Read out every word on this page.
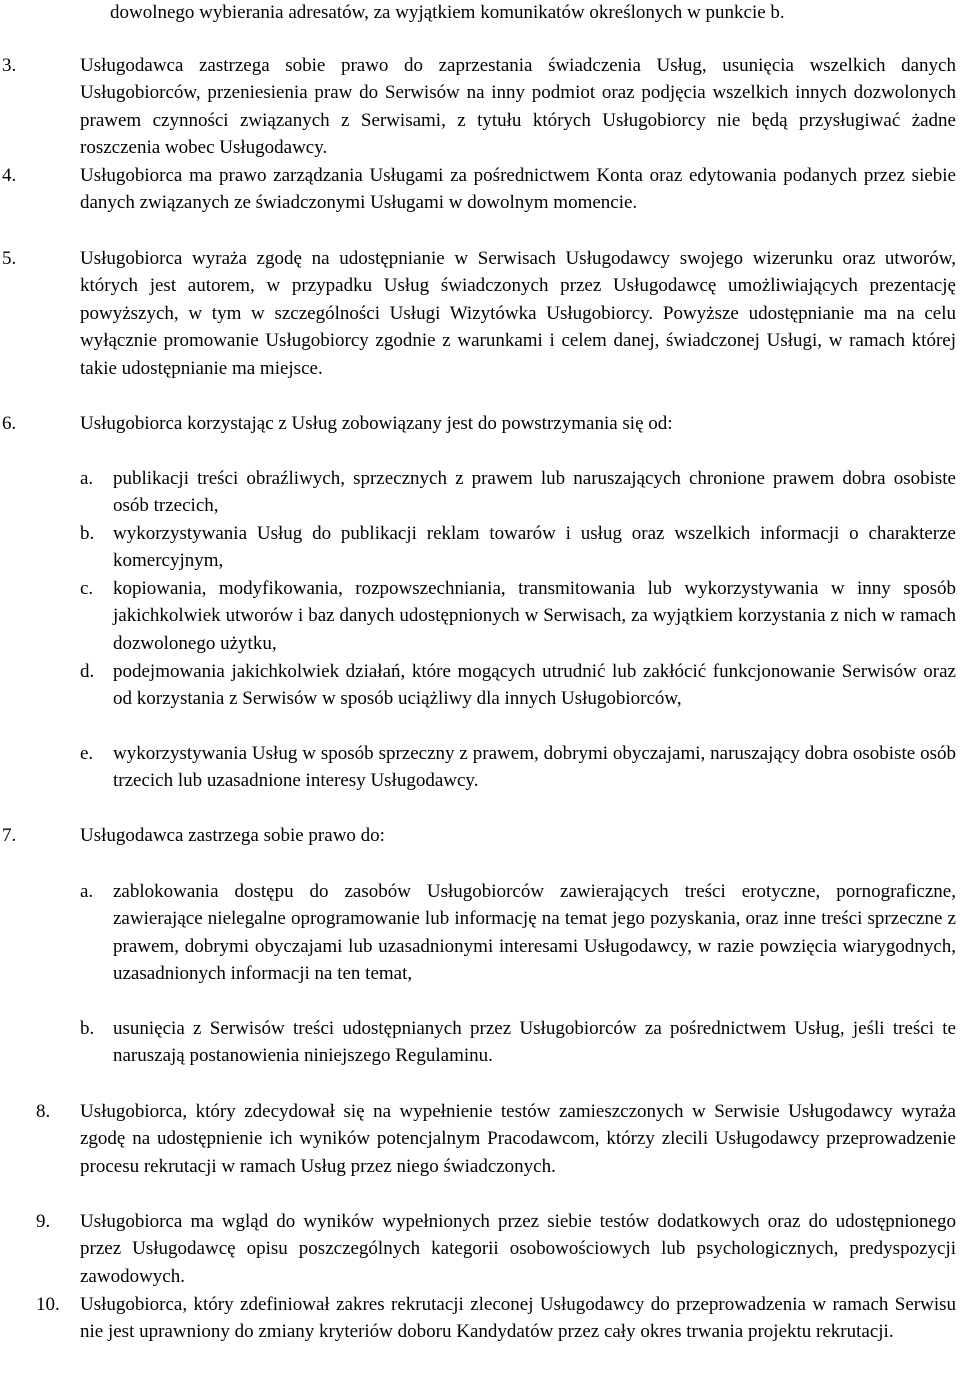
dowolnego wybierania adresatów, za wyjątkiem komunikatów określonych w punkcie b.
3.	Usługodawca zastrzega sobie prawo do zaprzestania świadczenia Usług, usunięcia wszelkich danych Usługobiorców, przeniesienia praw do Serwisów na inny podmiot oraz podjęcia wszelkich innych dozwolonych prawem czynności związanych z Serwisami, z tytułu których Usługobiorcy nie będą przysługiwać żadne roszczenia wobec Usługodawcy.
4.	Usługobiorca ma prawo zarządzania Usługami za pośrednictwem Konta oraz edytowania podanych przez siebie danych związanych ze świadczonymi Usługami w dowolnym momencie.
5.	Usługobiorca wyraża zgodę na udostępnianie w Serwisach Usługodawcy swojego wizerunku oraz utworów, których jest autorem, w przypadku Usług świadczonych przez Usługodawcę umożliwiających prezentację powyższych, w tym w szczególności Usługi Wizytówka Usługobiorcy. Powyższe udostępnianie ma na celu wyłącznie promowanie Usługobiorcy zgodnie z warunkami i celem danej, świadczonej Usługi, w ramach której takie udostępnianie ma miejsce.
6.	Usługobiorca korzystając z Usług zobowiązany jest do powstrzymania się od:
a. publikacji treści obraźliwych, sprzecznych z prawem lub naruszających chronione prawem dobra osobiste osób trzecich,
b. wykorzystywania Usług do publikacji reklam towarów i usług oraz wszelkich informacji o charakterze komercyjnym,
c. kopiowania, modyfikowania, rozpowszechniania, transmitowania lub wykorzystywania w inny sposób jakichkolwiek utworów i baz danych udostępnionych w Serwisach, za wyjątkiem korzystania z nich w ramach dozwolonego użytku,
d. podejmowania jakichkolwiek działań, które mogących utrudnić lub zakłócić funkcjonowanie Serwisów oraz od korzystania z Serwisów w sposób uciążliwy dla innych Usługobiorców,
e. wykorzystywania Usług w sposób sprzeczny z prawem, dobrymi obyczajami, naruszający dobra osobiste osób trzecich lub uzasadnione interesy Usługodawcy.
7.	Usługodawca zastrzega sobie prawo do:
a. zablokowania dostępu do zasobów Usługobiorców zawierających treści erotyczne, pornograficzne, zawierające nielegalne oprogramowanie lub informację na temat jego pozyskania, oraz inne treści sprzeczne z prawem, dobrymi obyczajami lub uzasadnionymi interesami Usługodawcy, w razie powzięcia wiarygodnych, uzasadnionych informacji na ten temat,
b. usunięcia z Serwisów treści udostępnianych przez Usługobiorców za pośrednictwem Usług, jeśli treści te naruszają postanowienia niniejszego Regulaminu.
8. Usługobiorca, który zdecydował się na wypełnienie testów zamieszczonych w Serwisie Usługodawcy wyraża zgodę na udostępnienie ich wyników potencjalnym Pracodawcom, którzy zlecili Usługodawcy przeprowadzenie procesu rekrutacji w ramach Usług przez niego świadczonych.
9. Usługobiorca ma wgląd do wyników wypełnionych przez siebie testów dodatkowych oraz do udostępnionego przez Usługodawcę opisu poszczególnych kategorii osobowościowych lub psychologicznych, predyspozycji zawodowych.
10. Usługobiorca, który zdefiniował zakres rekrutacji zleconej Usługodawcy do przeprowadzenia w ramach Serwisu nie jest uprawniony do zmiany kryteriów doboru Kandydatów przez cały okres trwania projektu rekrutacji.
